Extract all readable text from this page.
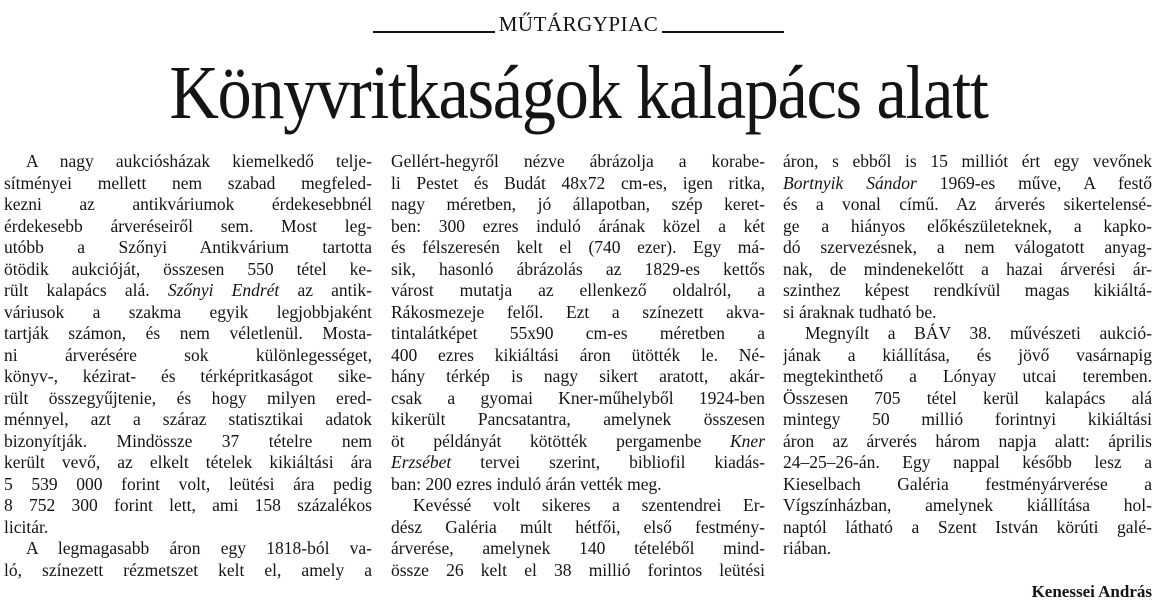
MŰTÁRGYPIAC
Könyvritkaságok kalapács alatt
A nagy aukciósházak kiemelkedő telje-
sítményei mellett nem szabad megfeled-
kezni az antikváriumok érdekesebbnél
érdekesebb árveréseiről sem. Most leg-
utóbb a Szőnyi Antikvárium tartotta
ötödik aukcióját, összesen 550 tétel ke-
rült kalapács alá. Szőnyi Endrét az antik-
váriusok a szakma egyik legjobbjaként
tartják számon, és nem véletlenül. Mosta-
ni árverésére sok különlegességet,
könyv-, kézirat- és térképritkaságot sike-
rült összegyűjtenie, és hogy milyen ered-
ménnyel, azt a száraz statisztikai adatok
bizonyítják. Mindössze 37 tételre nem
került vevő, az elkelt tételek kikiáltási ára
5 539 000 forint volt, leütési ára pedig
8 752 300 forint lett, ami 158 százalékos
licitár.
A legmagasabb áron egy 1818-ból va-
ló, színezett rézmetszet kelt el, amely a
Gellért-hegyről nézve ábrázolja a korabe-
li Pestet és Budát 48x72 cm-es, igen ritka,
nagy méretben, jó állapotban, szép keret-
ben: 300 ezres induló árának közel a két
és félszeresén kelt el (740 ezer). Egy má-
sik, hasonló ábrázolás az 1829-es kettős
várost mutatja az ellenkező oldalról, a
Rákosmezeje felől. Ezt a színezett akva-
tintalátképet 55x90 cm-es méretben a
400 ezres kikiáltási áron ütötték le. Né-
hány térkép is nagy sikert aratott, akár-
csak a gyomai Kner-műhelyből 1924-ben
kikerült Pancsatantra, amelynek összesen
öt példányát kötötték pergamenbe Kner
Erzsébet tervei szerint, bibliofil kiadás-
ban: 200 ezres induló árán vették meg.
Kevéssé volt sikeres a szentendrei Er-
dész Galéria múlt hétfői, első festmény-
árverése, amelynek 140 tételéből mind-
össze 26 kelt el 38 millió forintos leütési
áron, s ebből is 15 milliót ért egy vevőnek
Bortnyik Sándor 1969-es műve, A festő
és a vonal című. Az árverés sikertelensé-
ge a hiányos előkészületeknek, a kapko-
dó szervezésnek, a nem válogatott anyag-
nak, de mindenekelőtt a hazai árverési ár-
szinthez képest rendkívül magas kikiáltá-
si áraknak tudható be.
Megnyílt a BÁV 38. művészeti aukció-
jának a kiállítása, és jövő vasárnapig
megtekinthető a Lónyay utcai teremben.
Összesen 705 tétel kerül kalapács alá
mintegy 50 millió forintnyi kikiáltási
áron az árverés három napja alatt: április
24–25–26-án. Egy nappal később lesz a
Kieselbach Galéria festményárverése a
Vígszínházban, amelynek kiállítása hol-
naptól látható a Szent István körúti galé-
riában.
Kenessei András
